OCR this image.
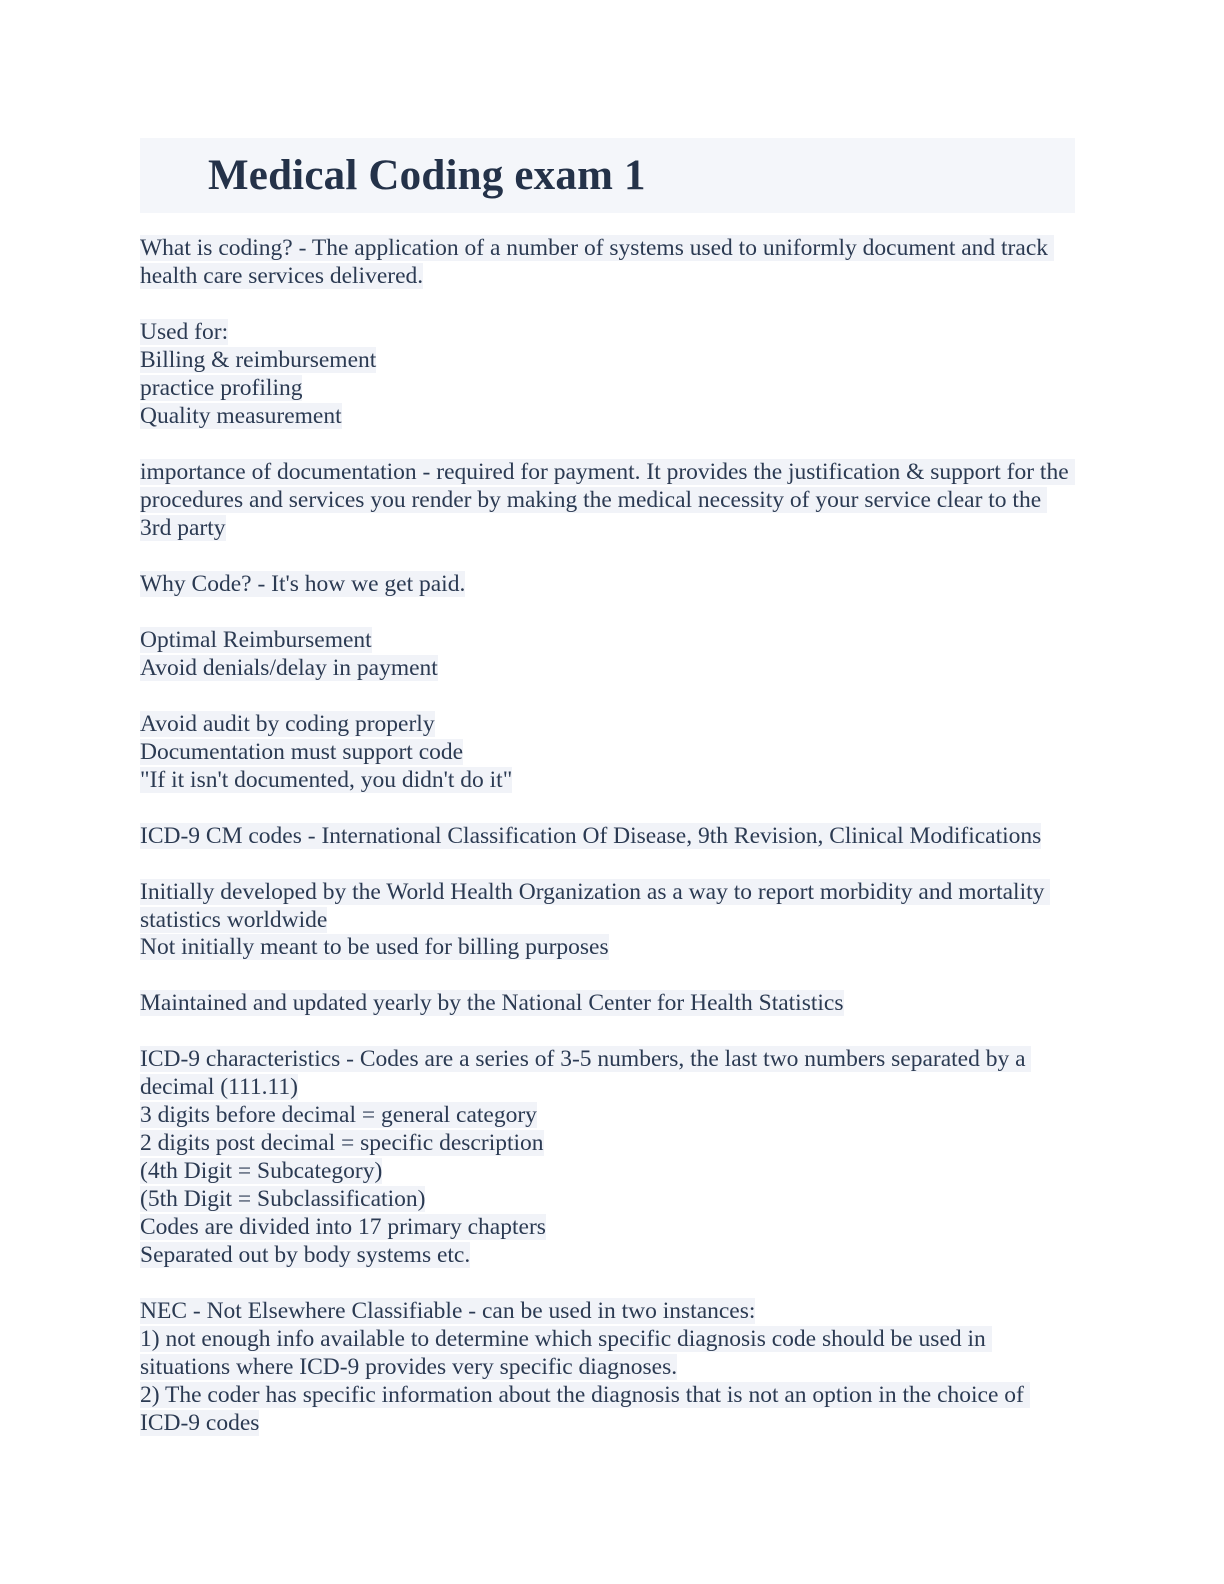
Medical Coding exam 1

What is coding? - The application of a number of systems used to uniformly document and track health care services delivered.

Used for:

Billing & reimbursement

practice profiling

Quality measurement

importance of documentation - required for payment. It provides the justification & support for the procedures and services you render by making the medical necessity of your service clear to the 3rd party

Why Code? - It's how we get paid.

Optimal Reimbursement

Avoid denials/delay in payment

Avoid audit by coding properly

Documentation must support code

"If it isn't documented, you didn't do it"

ICD-9 CM codes - International Classification Of Disease, 9th Revision, Clinical Modifications

Initially developed by the World Health Organization as a way to report morbidity and mortality statistics worldwide

Not initially meant to be used for billing purposes

Maintained and updated yearly by the National Center for Health Statistics

ICD-9 characteristics - Codes are a series of 3-5 numbers, the last two numbers separated by a decimal (111.11)

3 digits before decimal = general category

2 digits post decimal = specific description

(4th Digit = Subcategory)

(5th Digit = Subclassification)

Codes are divided into 17 primary chapters

Separated out by body systems etc.

NEC - Not Elsewhere Classifiable - can be used in two instances:

1) not enough info available to determine which specific diagnosis code should be used in situations where ICD-9 provides very specific diagnoses.

2) The coder has specific information about the diagnosis that is not an option in the choice of ICD-9 codes
